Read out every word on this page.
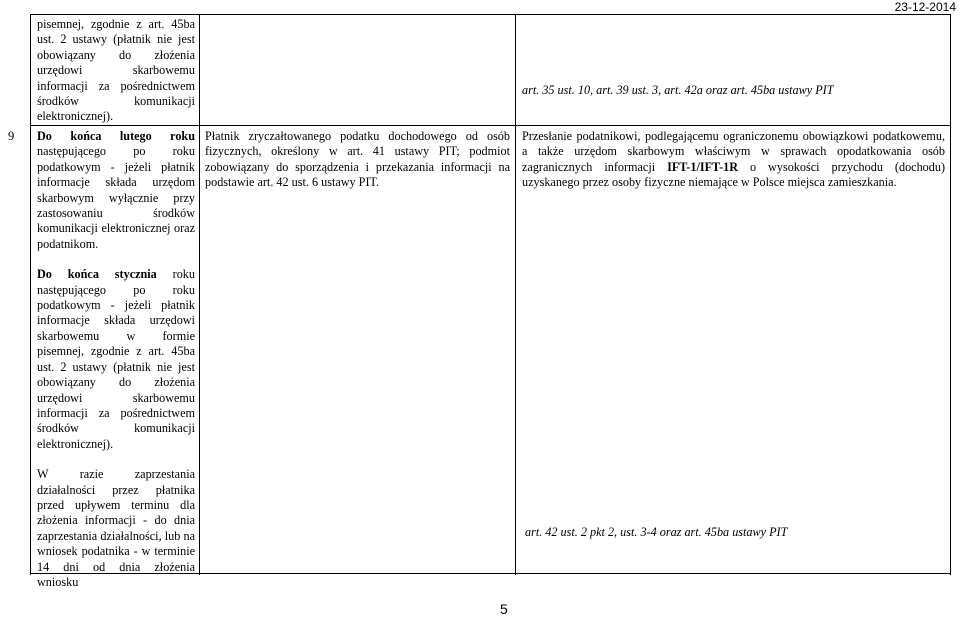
23-12-2014

pisemnej, zgodnie z art. 45ba ust. 2 ustawy (płatnik nie jest obowiązany do złożenia urzędowi skarbowemu informacji za pośrednictwem środków komunikacji elektronicznej).

art. 35 ust. 10, art. 39 ust. 3, art. 42a oraz art. 45ba ustawy PIT
9 Do końca lutego roku następującego po roku podatkowym - jeżeli płatnik informacje składa urzędom skarbowym wyłącznie przy zastosowaniu środków komunikacji elektronicznej oraz podatnikom.

Do końca stycznia roku następującego po roku podatkowym - jeżeli płatnik informacje składa urzędowi skarbowemu w formie pisemnej, zgodnie z art. 45ba ust. 2 ustawy (płatnik nie jest obowiązany do złożenia urzędowi skarbowemu informacji za pośrednictwem środków komunikacji elektronicznej).

W razie zaprzestania działalności przez płatnika przed upływem terminu dla złożenia informacji - do dnia zaprzestania działalności, lub na wniosek podatnika - w terminie 14 dni od dnia złożenia wniosku

Płatnik zryczałtowanego podatku dochodowego od osób fizycznych, określony w art. 41 ustawy PIT; podmiot zobowiązany do sporządzenia i przekazania informacji na podstawie art. 42 ust. 6 ustawy PIT.

Przesłanie podatnikowi, podlegającemu ograniczonemu obowiązkowi podatkowemu, a także urzędom skarbowym właściwym w sprawach opodatkowania osób zagranicznych informacji IFT-1/IFT-1R o wysokości przychodu (dochodu) uzyskanego przez osoby fizyczne niemające w Polsce miejsca zamieszkania.

art. 42 ust. 2 pkt 2, ust. 3-4 oraz art. 45ba ustawy PIT
5
